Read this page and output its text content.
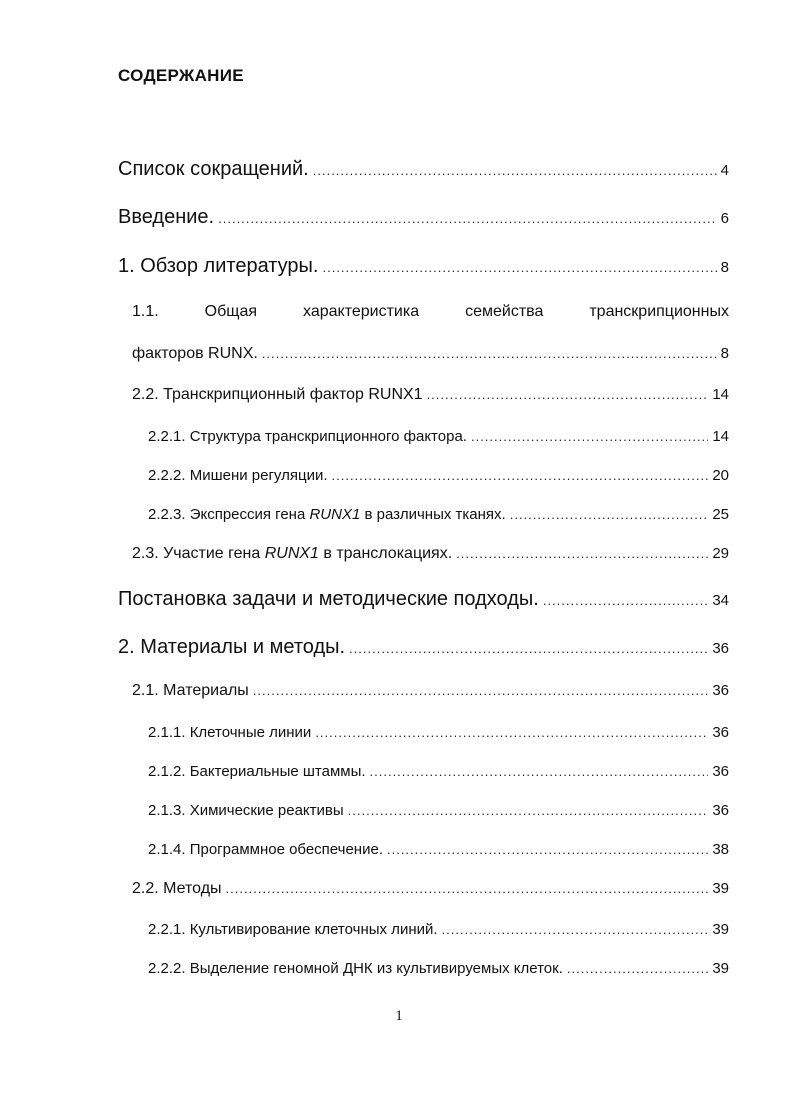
СОДЕРЖАНИЕ
Список сокращений. .....	4
Введение. .....	6
1. Обзор литературы. .....	8
1.1.	Общая	характеристика	семейства	транскрипционных
факторов RUNX. .....	8
2.2. Транскрипционный фактор RUNX1 .....	14
2.2.1. Структура транскрипционного фактора. .....	14
2.2.2. Мишени регуляции. .....	20
2.2.3. Экспрессия гена RUNX1 в различных тканях. .....	25
2.3. Участие гена RUNX1 в транслокациях. .....	29
Постановка задачи и методические подходы. .....	34
2. Материалы и методы. .....	36
2.1. Материалы .....	36
2.1.1. Клеточные линии .....	36
2.1.2. Бактериальные штаммы. .....	36
2.1.3. Химические реактивы .....	36
2.1.4. Программное обеспечение. .....	38
2.2. Методы .....	39
2.2.1. Культивирование клеточных линий. .....	39
2.2.2. Выделение геномной ДНК из культивируемых клеток. .....	39
1
